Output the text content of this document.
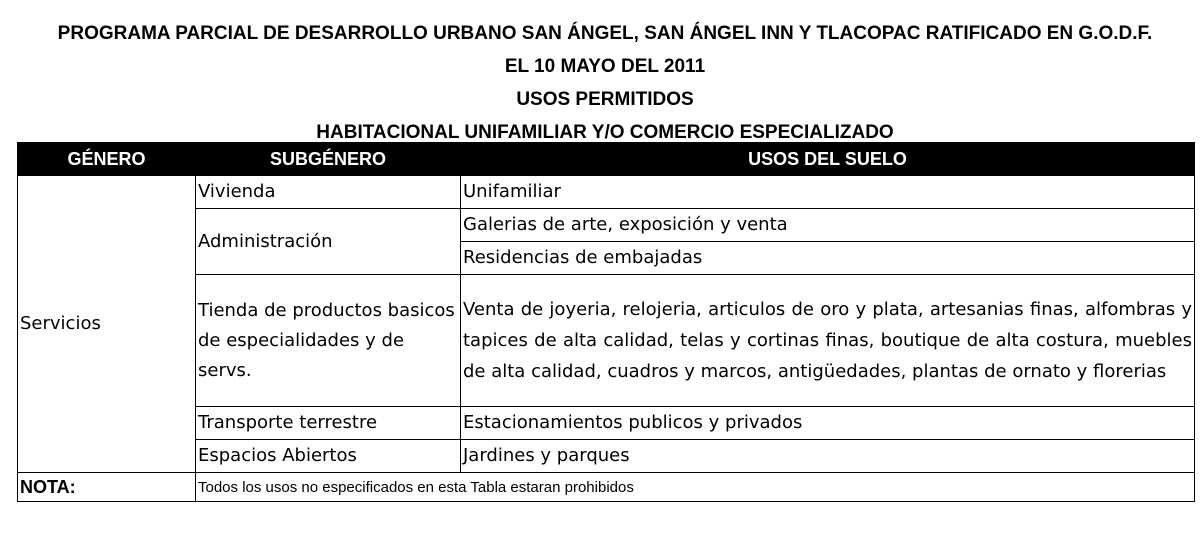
PROGRAMA PARCIAL DE DESARROLLO URBANO SAN ÁNGEL, SAN ÁNGEL INN Y TLACOPAC RATIFICADO EN G.O.D.F.
EL 10 MAYO DEL 2011
USOS PERMITIDOS
HABITACIONAL UNIFAMILIAR Y/O COMERCIO ESPECIALIZADO
GÉNERO	SUBGÉNERO	USOS DEL SUELO
Servicios	Vivienda	Unifamiliar
	Administración	Galerias de arte, exposición y venta
		Residencias de embajadas
	Tienda de productos basicos de especialidades y de servs.	Venta de joyeria, relojeria, articulos de oro y plata, artesanias finas, alfombras y tapices de alta calidad, telas y cortinas finas, boutique de alta costura, muebles de alta calidad, cuadros y marcos, antigüedades, plantas de ornato y florerias
	Transporte terrestre	Estacionamientos publicos y privados
	Espacios Abiertos	Jardines y parques
NOTA:	Todos los usos no especificados en esta Tabla estaran prohibidos	
